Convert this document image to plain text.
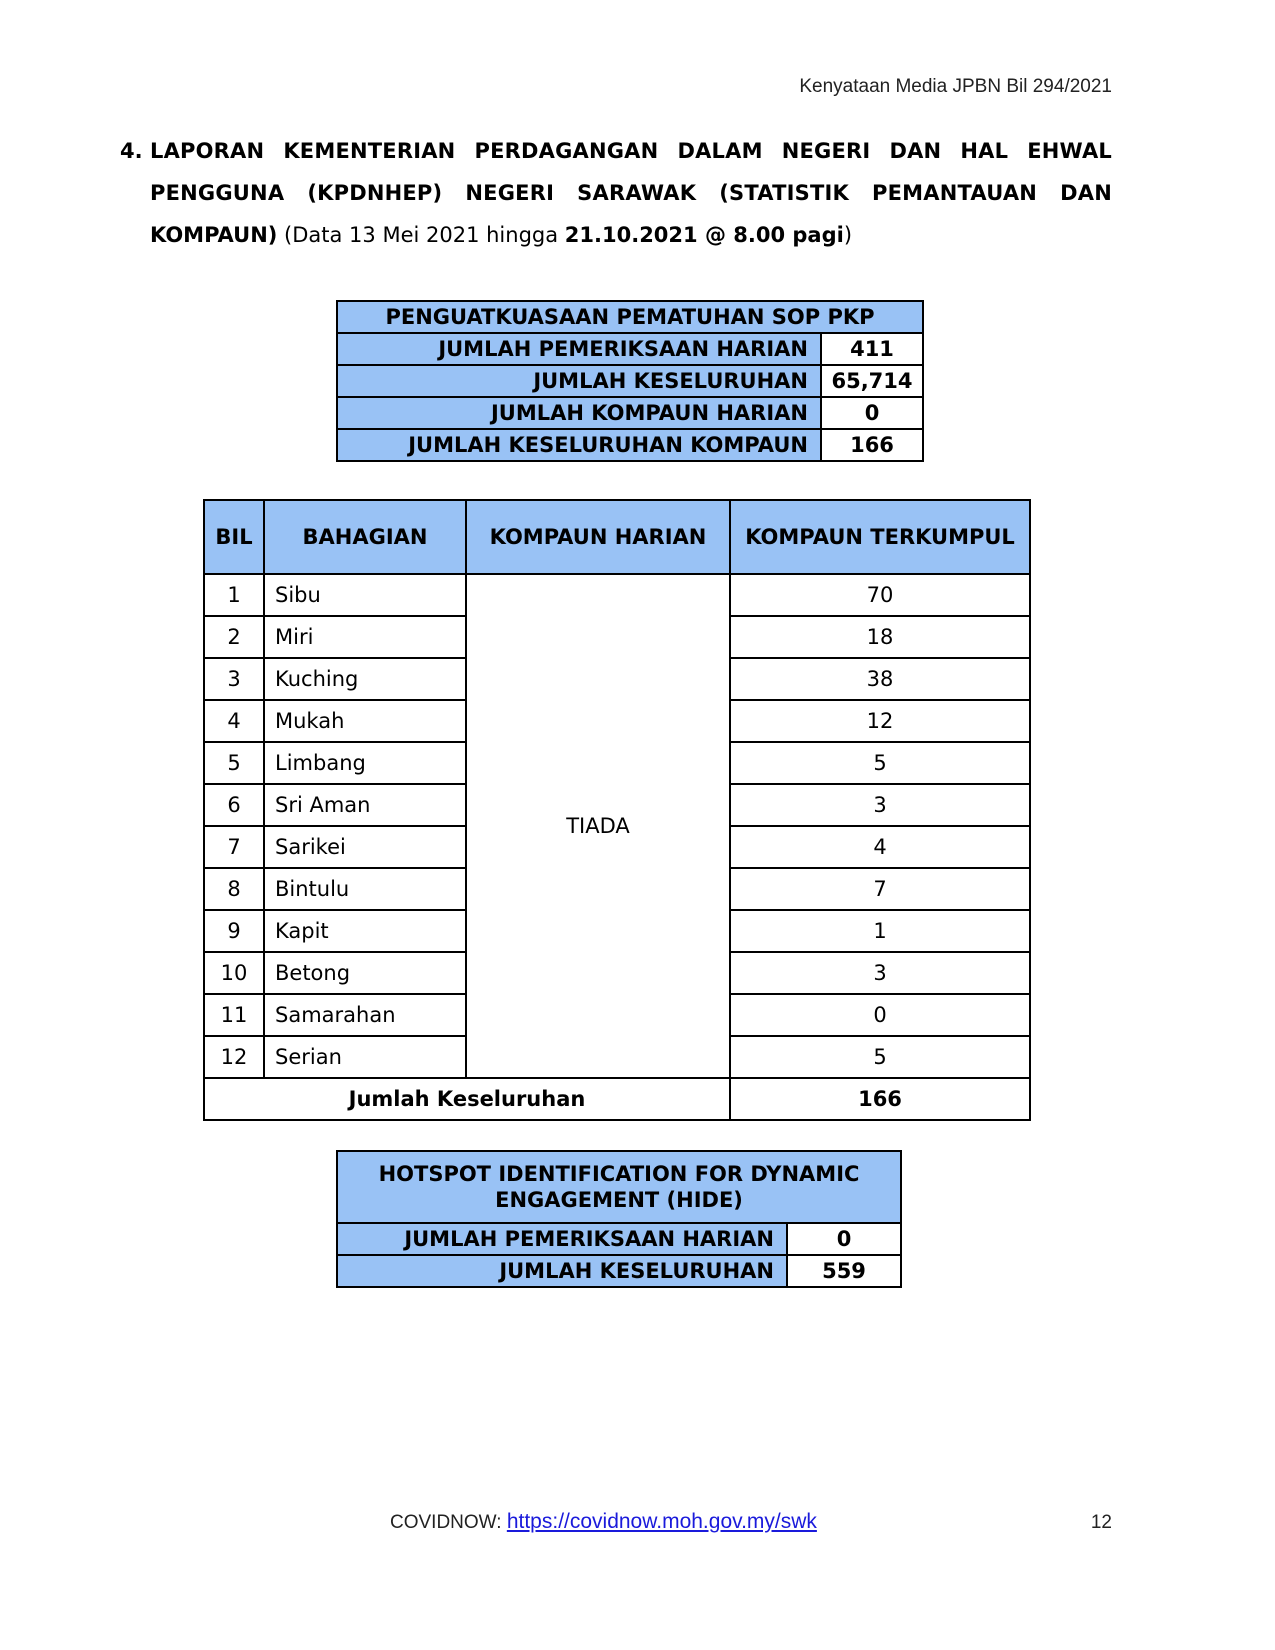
Kenyataan Media JPBN Bil 294/2021
4. LAPORAN KEMENTERIAN PERDAGANGAN DALAM NEGERI DAN HAL EHWAL
PENGGUNA (KPDNHEP) NEGERI SARAWAK (STATISTIK PEMANTAUAN DAN
KOMPAUN) (Data 13 Mei 2021 hingga 21.10.2021 @ 8.00 pagi)
PENGUATKUASAAN PEMATUHAN SOP PKP	
JUMLAH PEMERIKSAAN HARIAN	411
JUMLAH KESELURUHAN	65,714
JUMLAH KOMPAUN HARIAN	0
JUMLAH KESELURUHAN KOMPAUN	166
BIL	BAHAGIAN	KOMPAUN HARIAN	KOMPAUN TERKUMPUL
1	Sibu	TIADA	70
2	Miri		18
3	Kuching		38
4	Mukah		12
5	Limbang		5
6	Sri Aman		3
7	Sarikei		4
8	Bintulu		7
9	Kapit		1
10	Betong		3
11	Samarahan		0
12	Serian		5
Jumlah Keseluruhan			166
HOTSPOT IDENTIFICATION FOR DYNAMIC
ENGAGEMENT (HIDE)	
JUMLAH PEMERIKSAAN HARIAN	0
JUMLAH KESELURUHAN	559
COVIDNOW: https://covidnow.moh.gov.my/swk	12
